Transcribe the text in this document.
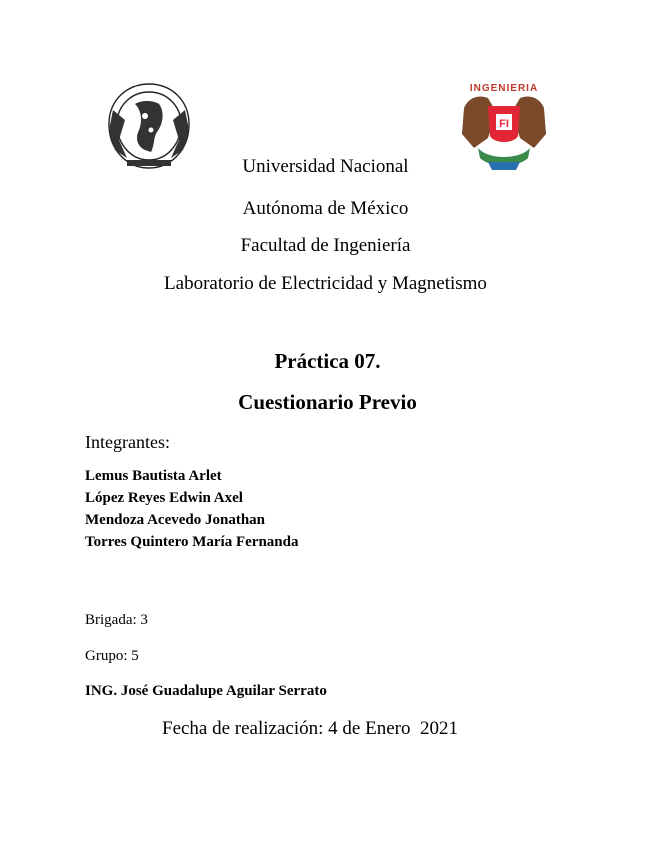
INGENIERIA
FI
Universidad Nacional
Autónoma de México
Facultad de Ingeniería
Laboratorio de Electricidad y Magnetismo
Práctica 07.
Cuestionario Previo
Integrantes:
Lemus Bautista Arlet
López Reyes Edwin Axel
Mendoza Acevedo Jonathan
Torres Quintero María Fernanda
Brigada: 3
Grupo: 5
ING. José Guadalupe Aguilar Serrato
Fecha de realización: 4 de Enero  2021
